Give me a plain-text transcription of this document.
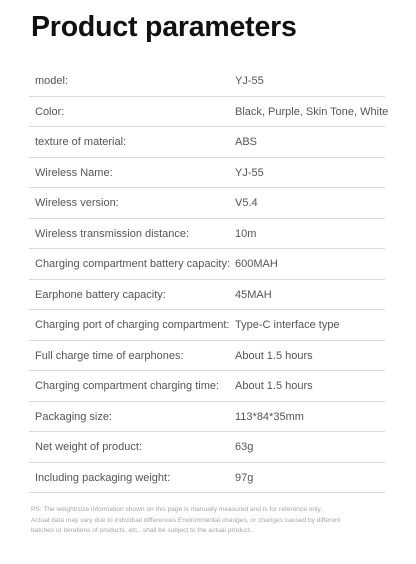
Product parameters
model:	YJ-55
Color:	Black, Purple, Skin Tone, White
texture of material:	ABS
Wireless Name:	YJ-55
Wireless version:	V5.4
Wireless transmission distance:	10m
Charging compartment battery capacity: 600MAH
Earphone battery capacity:	45MAH
Charging port of charging compartment: Type-C interface type
Full charge time of earphones:	About 1.5 hours
Charging compartment charging time: About 1.5 hours
Packaging size:	113*84*35mm
Net weight of product:	63g
Including packaging weight:	97g

PS: The weight/size information shown on this page is manually measured and is for reference only.

Actual data may vary due to individual differences Environmental changes, or changes caused by different

batches or iterations of products, etc., shall be subject to the actual product.
